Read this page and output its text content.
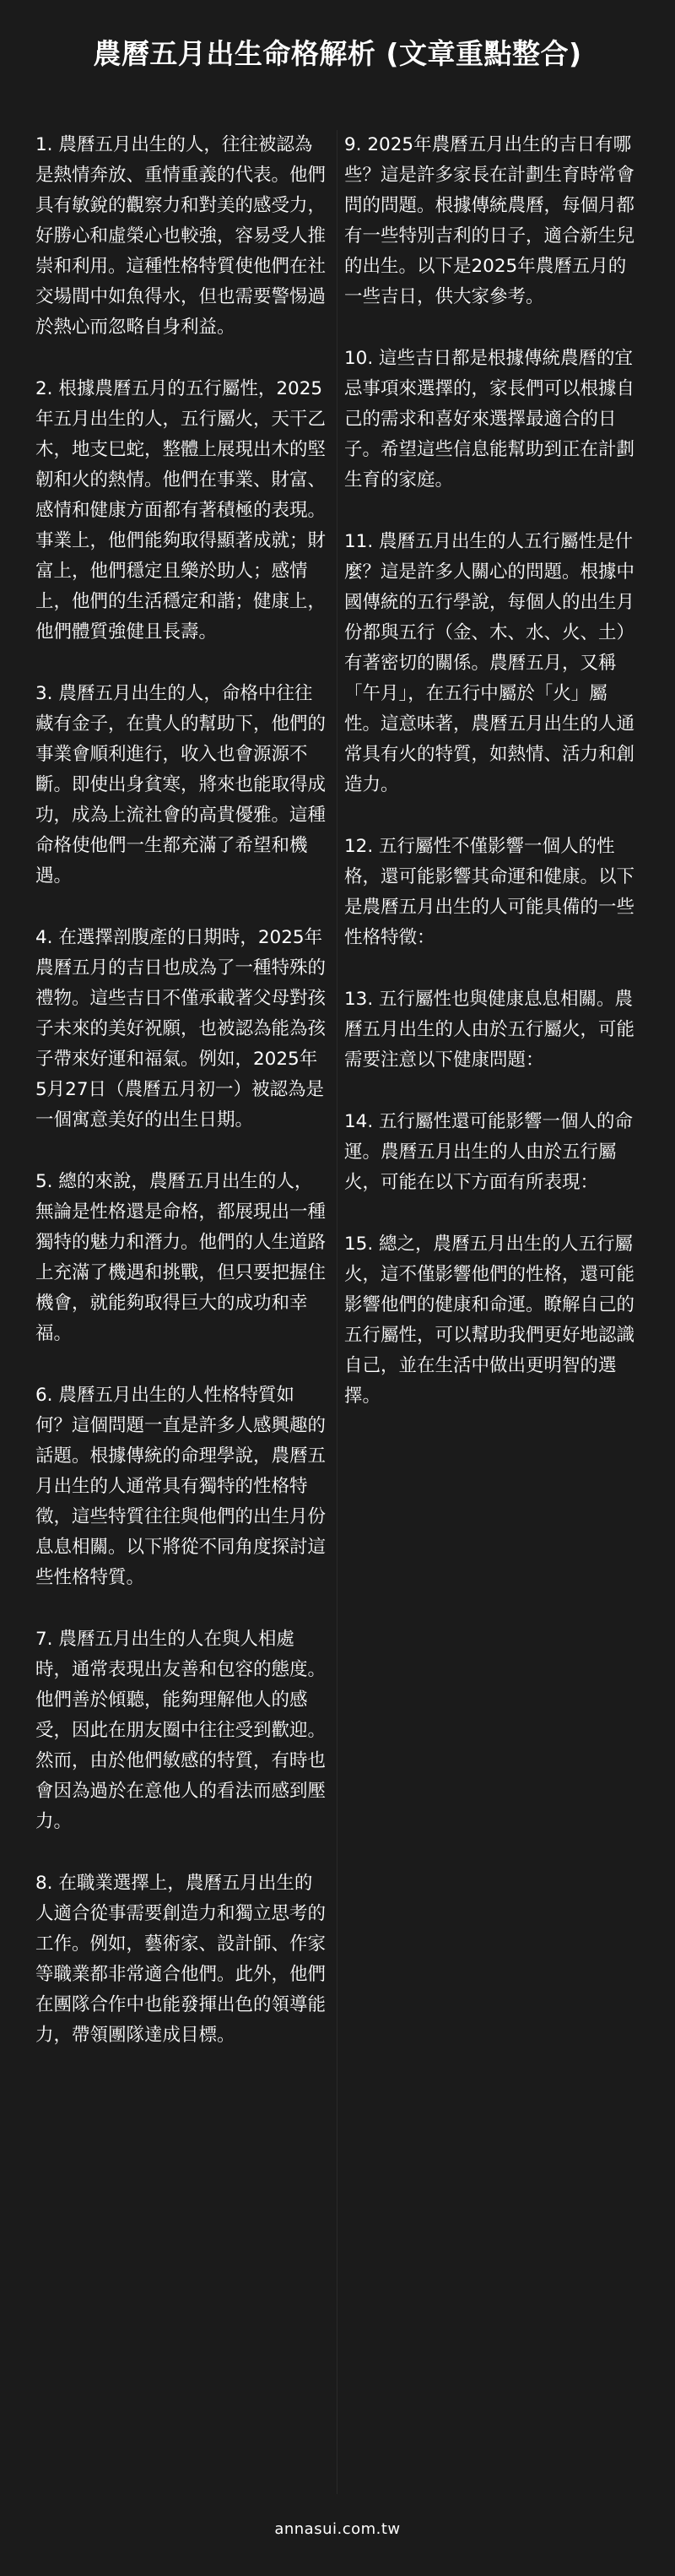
農曆五月出生命格解析 (文章重點整合)

1. 農曆五月出生的人，往往被認為是熱情奔放、重情重義的代表。他們具有敏銳的觀察力和對美的感受力，好勝心和虛榮心也較強，容易受人推崇和利用。這種性格特質使他們在社交場間中如魚得水，但也需要警惕過於熱心而忽略自身利益。

2. 根據農曆五月的五行屬性，2025年五月出生的人，五行屬火，天干乙木，地支巳蛇，整體上展現出木的堅韌和火的熱情。他們在事業、財富、感情和健康方面都有著積極的表現。事業上，他們能夠取得顯著成就；財富上，他們穩定且樂於助人；感情上，他們的生活穩定和諧；健康上，他們體質強健且長壽。

3. 農曆五月出生的人，命格中往往藏有金子，在貴人的幫助下，他們的事業會順利進行，收入也會源源不斷。即使出身貧寒，將來也能取得成功，成為上流社會的高貴優雅。這種命格使他們一生都充滿了希望和機遇。

4. 在選擇剖腹產的日期時，2025年農曆五月的吉日也成為了一種特殊的禮物。這些吉日不僅承載著父母對孩子未來的美好祝願，也被認為能為孩子帶來好運和福氣。例如，2025年5月27日（農曆五月初一）被認為是一個寓意美好的出生日期。

5. 總的來說，農曆五月出生的人，無論是性格還是命格，都展現出一種獨特的魅力和潛力。他們的人生道路上充滿了機遇和挑戰，但只要把握住機會，就能夠取得巨大的成功和幸福。

6. 農曆五月出生的人性格特質如何？這個問題一直是許多人感興趣的話題。根據傳統的命理學說，農曆五月出生的人通常具有獨特的性格特徵，這些特質往往與他們的出生月份息息相關。以下將從不同角度探討這些性格特質。

7. 農曆五月出生的人在與人相處時，通常表現出友善和包容的態度。他們善於傾聽，能夠理解他人的感受，因此在朋友圈中往往受到歡迎。然而，由於他們敏感的特質，有時也會因為過於在意他人的看法而感到壓力。

8. 在職業選擇上，農曆五月出生的人適合從事需要創造力和獨立思考的工作。例如，藝術家、設計師、作家等職業都非常適合他們。此外，他們在團隊合作中也能發揮出色的領導能力，帶領團隊達成目標。

9. 2025年農曆五月出生的吉日有哪些？這是許多家長在計劃生育時常會問的問題。根據傳統農曆，每個月都有一些特別吉利的日子，適合新生兒的出生。以下是2025年農曆五月的一些吉日，供大家參考。

10. 這些吉日都是根據傳統農曆的宜忌事項來選擇的，家長們可以根據自己的需求和喜好來選擇最適合的日子。希望這些信息能幫助到正在計劃生育的家庭。

11. 農曆五月出生的人五行屬性是什麼？這是許多人關心的問題。根據中國傳統的五行學說，每個人的出生月份都與五行（金、木、水、火、土）有著密切的關係。農曆五月，又稱「午月」，在五行中屬於「火」屬性。這意味著，農曆五月出生的人通常具有火的特質，如熱情、活力和創造力。

12. 五行屬性不僅影響一個人的性格，還可能影響其命運和健康。以下是農曆五月出生的人可能具備的一些性格特徵：

13. 五行屬性也與健康息息相關。農曆五月出生的人由於五行屬火，可能需要注意以下健康問題：

14. 五行屬性還可能影響一個人的命運。農曆五月出生的人由於五行屬火，可能在以下方面有所表現：

15. 總之，農曆五月出生的人五行屬火，這不僅影響他們的性格，還可能影響他們的健康和命運。瞭解自己的五行屬性，可以幫助我們更好地認識自己，並在生活中做出更明智的選擇。

annasui.com.tw
